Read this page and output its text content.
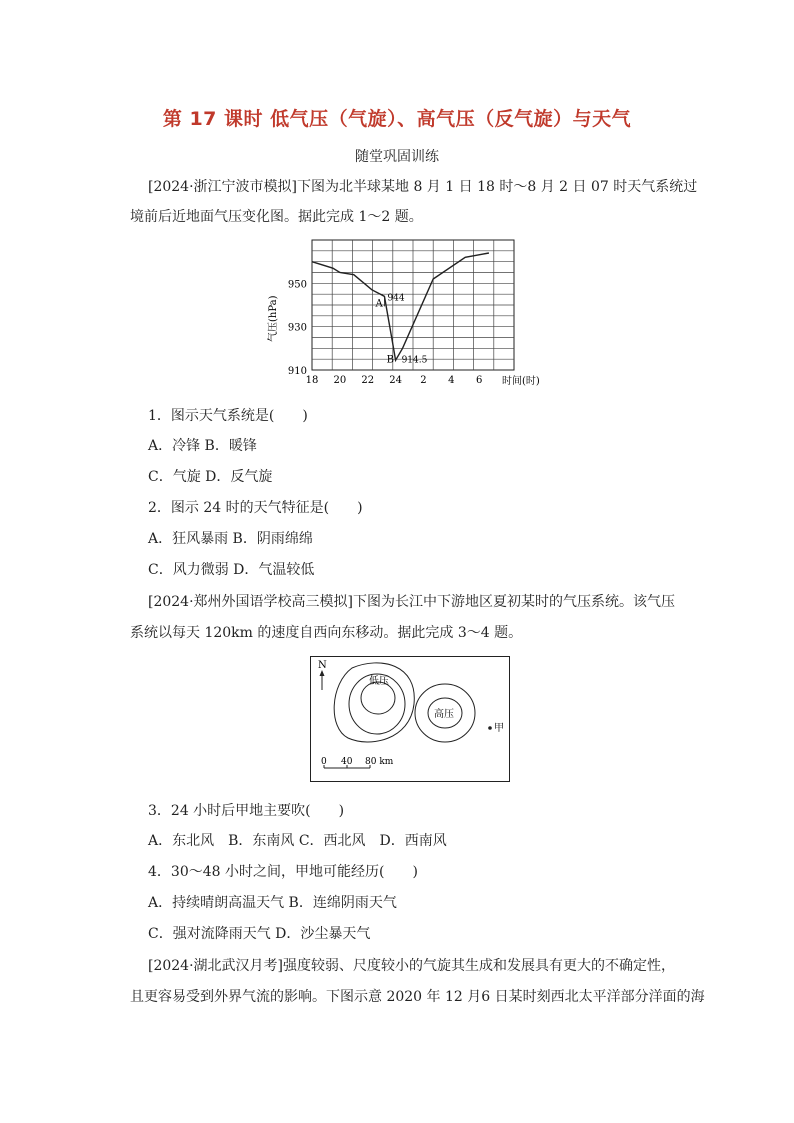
第 17 课时 低气压（气旋）、高气压（反气旋）与天气
随堂巩固训练
[2024·浙江宁波市模拟]下图为北半球某地 8 月 1 日 18 时～8 月 2 日 07 时天气系统过
境前后近地面气压变化图。据此完成 1～2 题。
18 20 22 24 2 4 6
910
930
950
A 944
B 914.5
气压(hPa)
时间(时)
1．图示天气系统是(　　)
A．冷锋 B．暖锋
C．气旋 D．反气旋
2．图示 24 时的天气特征是(　　)
A．狂风暴雨 B．阴雨绵绵
C．风力微弱 D．气温较低
[2024·郑州外国语学校高三模拟]下图为长江中下游地区夏初某时的气压系统。该气压
系统以每天 120km 的速度自西向东移动。据此完成 3～4 题。
N
低压
高压
甲
0 40 80 km
3．24 小时后甲地主要吹(　　)
A．东北风　B．东南风 C．西北风　D．西南风
4．30～48 小时之间，甲地可能经历(　　)
A．持续晴朗高温天气 B．连绵阴雨天气
C．强对流降雨天气 D．沙尘暴天气
[2024·湖北武汉月考]强度较弱、尺度较小的气旋其生成和发展具有更大的不确定性，
且更容易受到外界气流的影响。下图示意 2020 年 12 月6 日某时刻西北太平洋部分洋面的海
